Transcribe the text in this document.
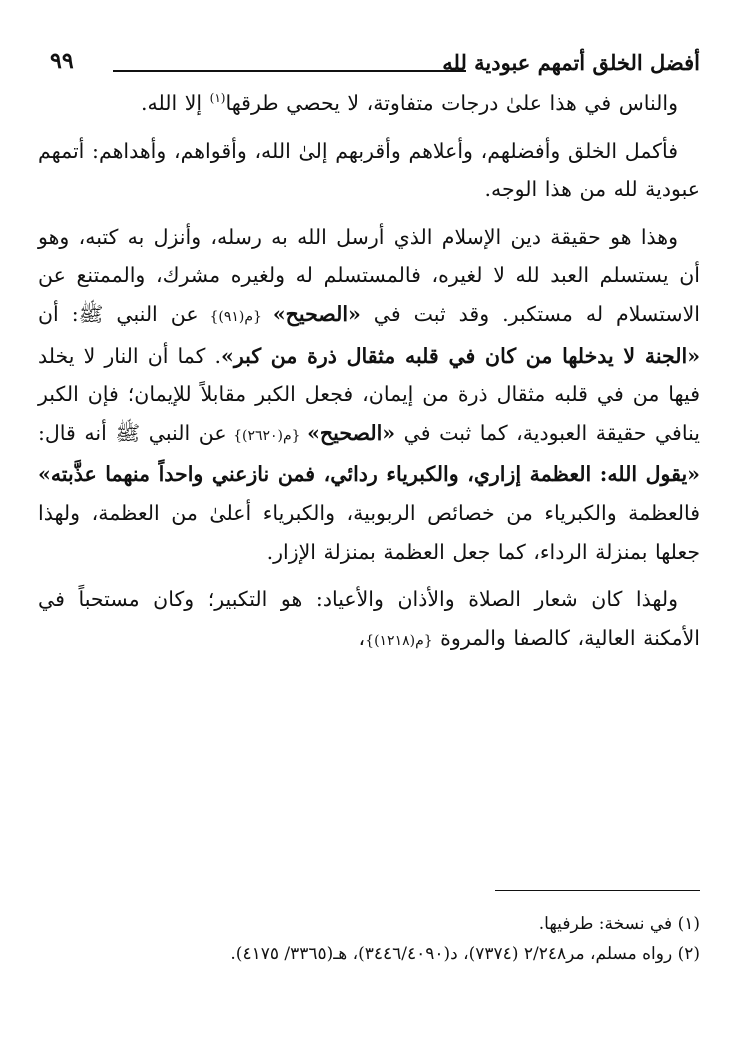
أفضل الخلق أتمهم عبودية لله
٩٩

والناس في هذا علىٰ درجات متفاوتة، لا يحصي طرقها$^{(١)}$ إلا الله.

فأكمل الخلق وأفضلهم، وأعلاهم وأقربهم إلىٰ الله، وأقواهم، وأهداهم: أتمهم عبودية لله من هذا الوجه.

وهذا هو حقيقة دين الإسلام الذي أرسل الله به رسله، وأنزل به كتبه، وهو أن يستسلم العبد لله لا لغيره، فالمستسلم له ولغيره مشرك، والممتنع عن الاستسلام له مستكبر. وقد ثبت في «الصحيح» {م(٩١)} عن النبي ﷺ: أن «الجنة لا يدخلها من كان في قلبه مثقال ذرة من كبر». كما أن النار لا يخلد فيها من في قلبه مثقال ذرة من إيمان، فجعل الكبر مقابلاً للإيمان؛ فإن الكبر ينافي حقيقة العبودية، كما ثبت في «الصحيح» {م(٢٦٢٠)} عن النبي ﷺ أنه قال: «يقول الله: العظمة إزاري، والكبرياء ردائي، فمن نازعني واحداً منهما عذَّبته» فالعظمة والكبرياء من خصائص الربوبية، والكبرياء أعلىٰ من العظمة، ولهذا جعلها بمنزلة الرداء، كما جعل العظمة بمنزلة الإزار.

ولهذا كان شعار الصلاة والأذان والأعياد: هو التكبير؛ وكان مستحباً في الأمكنة العالية، كالصفا والمروة {م(١٢١٨)}،

(١) في نسخة: طرفيها.

(٢) رواه مسلم، مر٢/٢٤٨ (٧٣٧٤)، د(٣٤٤٦/٤٠٩٠)، هـ(٣٣٦٥/ ٤١٧٥).
